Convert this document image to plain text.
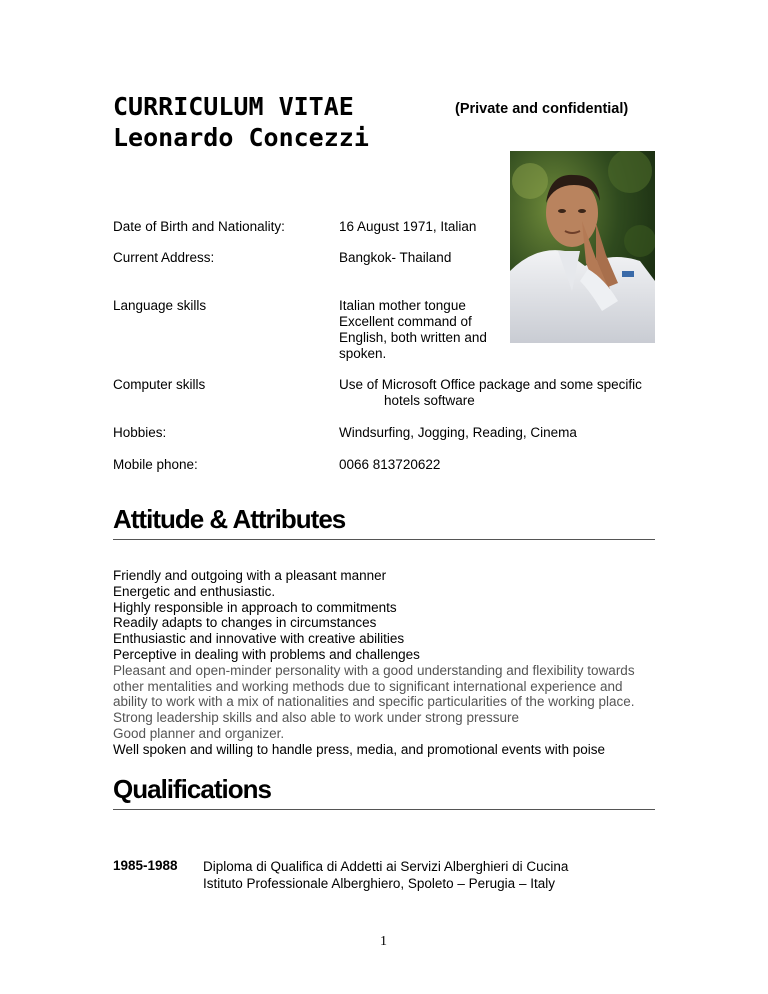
CURRICULUM VITAE
Leonardo Concezzi
(Private and confidential)
Date of Birth and Nationality:	16 August 1971, Italian
Current Address:	Bangkok- Thailand
Language skills	Italian mother tongue
Excellent command of
English, both written and
spoken.
Computer skills	Use of Microsoft Office package and some specific
hotels software
Hobbies:	Windsurfing, Jogging, Reading, Cinema
Mobile phone:	0066 813720622
Attitude & Attributes
Friendly and outgoing with a pleasant manner
Energetic and enthusiastic.
Highly responsible in approach to commitments
Readily adapts to changes in circumstances
Enthusiastic and innovative with creative abilities
Perceptive in dealing with problems and challenges
Pleasant and open-minder personality with a good understanding and flexibility towards
other mentalities and working methods due to significant international experience and
ability to work with a mix of nationalities and specific particularities of the working place.
Strong leadership skills and also able to work under strong pressure
Good planner and organizer.
Well spoken and willing to handle press, media, and promotional events with poise
Qualifications
1985-1988 Diploma di Qualifica di Addetti ai Servizi Alberghieri di Cucina
Istituto Professionale Alberghiero, Spoleto – Perugia – Italy
1
